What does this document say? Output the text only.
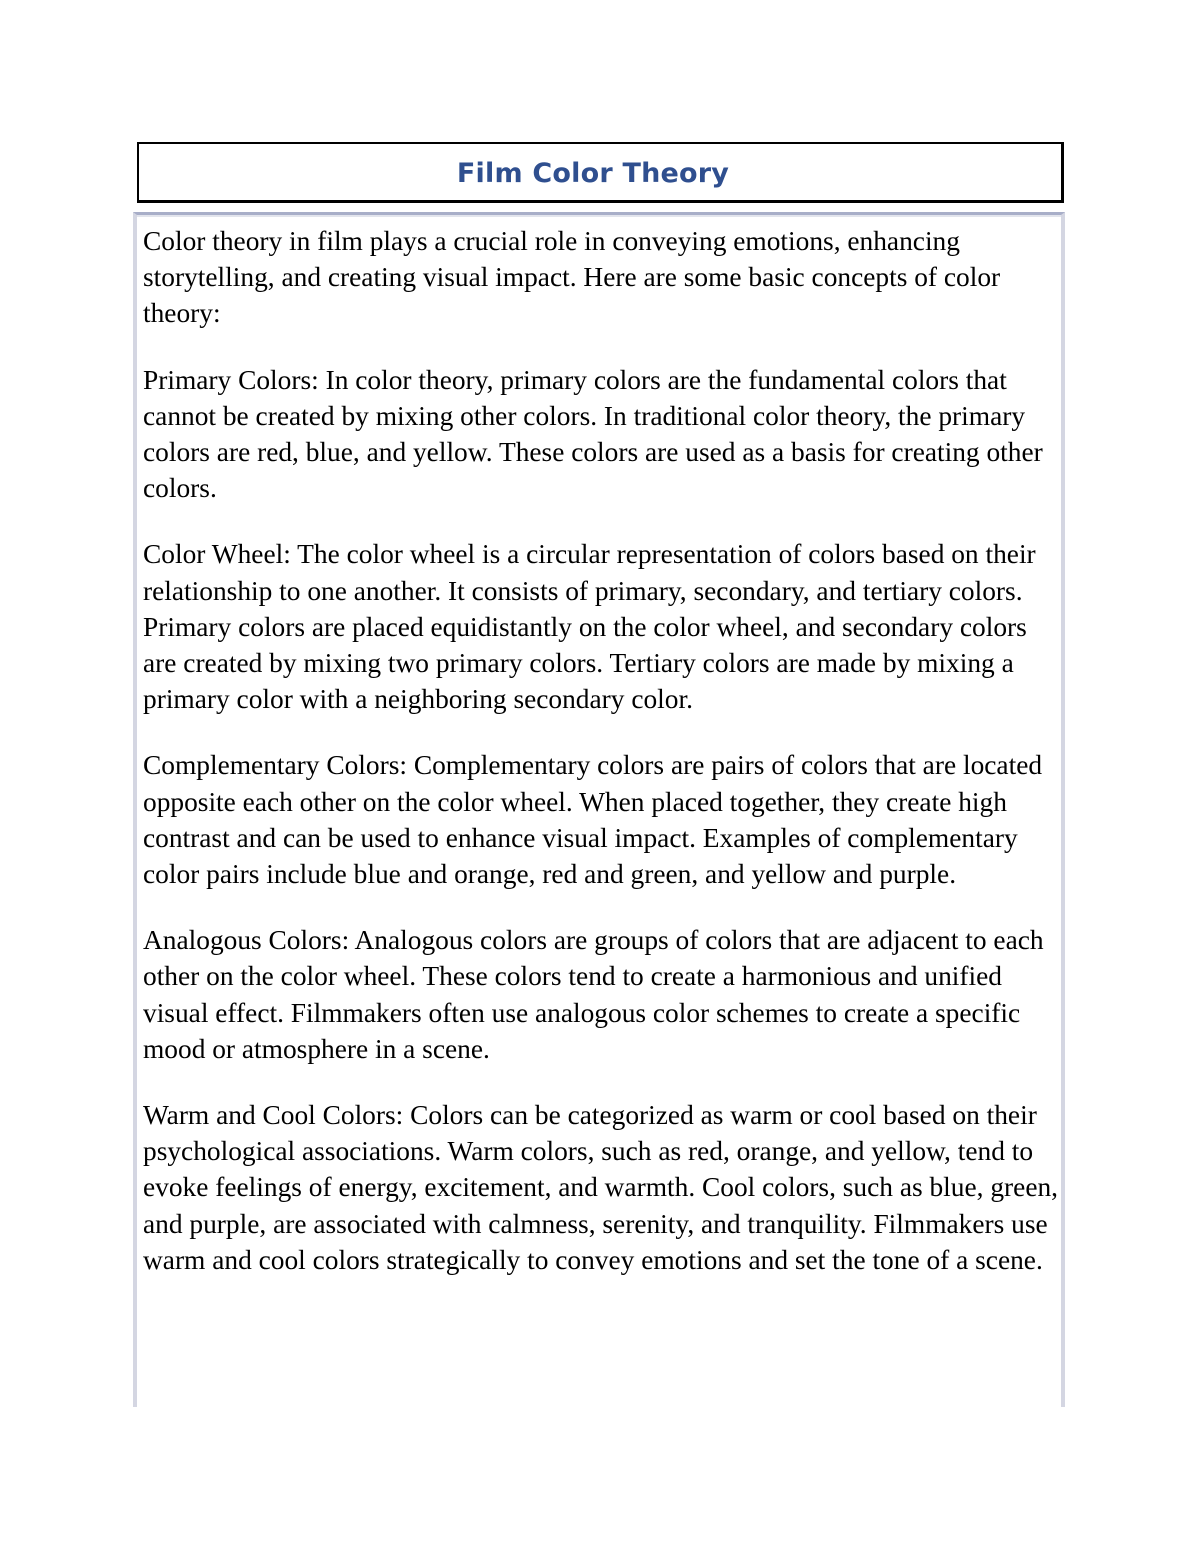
Film Color Theory

Color theory in film plays a crucial role in conveying emotions, enhancing storytelling, and creating visual impact. Here are some basic concepts of color theory:

Primary Colors: In color theory, primary colors are the fundamental colors that cannot be created by mixing other colors. In traditional color theory, the primary colors are red, blue, and yellow. These colors are used as a basis for creating other colors.

Color Wheel: The color wheel is a circular representation of colors based on their relationship to one another. It consists of primary, secondary, and tertiary colors. Primary colors are placed equidistantly on the color wheel, and secondary colors are created by mixing two primary colors. Tertiary colors are made by mixing a primary color with a neighboring secondary color.

Complementary Colors: Complementary colors are pairs of colors that are located opposite each other on the color wheel. When placed together, they create high contrast and can be used to enhance visual impact. Examples of complementary color pairs include blue and orange, red and green, and yellow and purple.

Analogous Colors: Analogous colors are groups of colors that are adjacent to each other on the color wheel. These colors tend to create a harmonious and unified visual effect. Filmmakers often use analogous color schemes to create a specific mood or atmosphere in a scene.

Warm and Cool Colors: Colors can be categorized as warm or cool based on their psychological associations. Warm colors, such as red, orange, and yellow, tend to evoke feelings of energy, excitement, and warmth. Cool colors, such as blue, green, and purple, are associated with calmness, serenity, and tranquility. Filmmakers use warm and cool colors strategically to convey emotions and set the tone of a scene.
